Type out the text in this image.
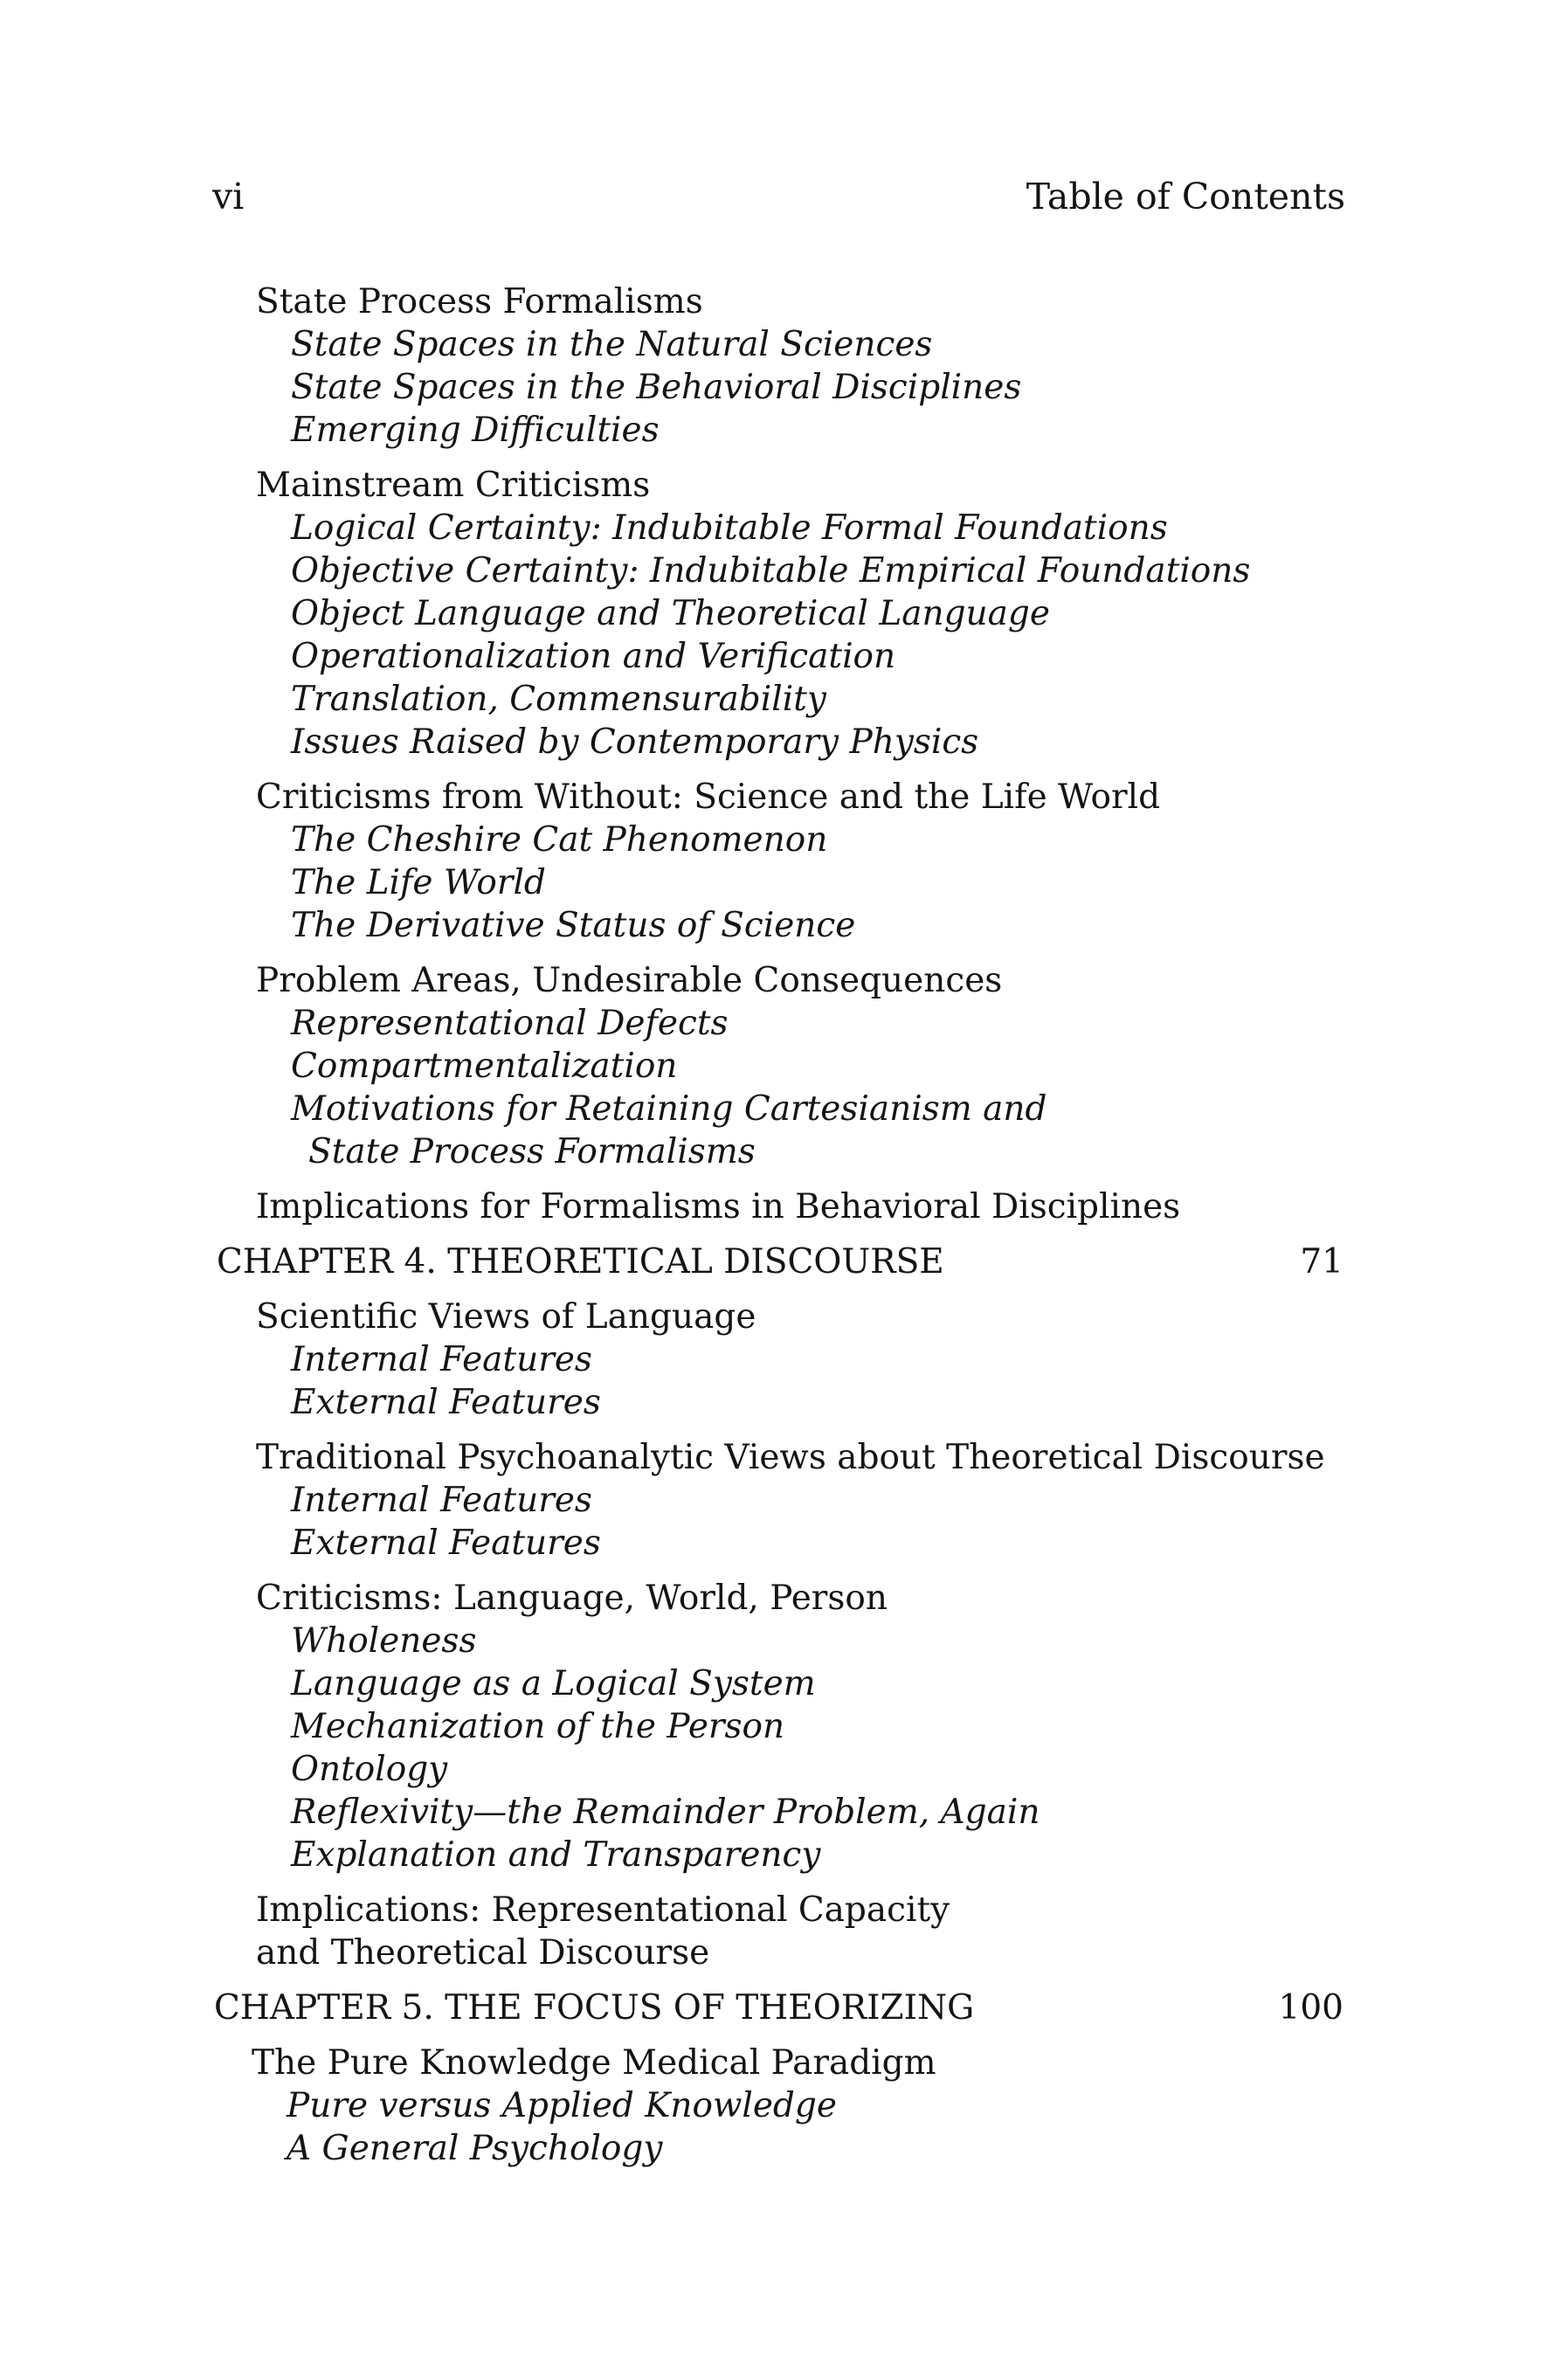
vi	Table of Contents
State Process Formalisms
State Spaces in the Natural Sciences
State Spaces in the Behavioral Disciplines
Emerging Difficulties
Mainstream Criticisms
Logical Certainty: Indubitable Formal Foundations
Objective Certainty: Indubitable Empirical Foundations
Object Language and Theoretical Language
Operationalization and Verification
Translation, Commensurability
Issues Raised by Contemporary Physics
Criticisms from Without: Science and the Life World
The Cheshire Cat Phenomenon
The Life World
The Derivative Status of Science
Problem Areas, Undesirable Consequences
Representational Defects
Compartmentalization
Motivations for Retaining Cartesianism and
State Process Formalisms
Implications for Formalisms in Behavioral Disciplines
CHAPTER 4. THEORETICAL DISCOURSE	71
Scientific Views of Language
Internal Features
External Features
Traditional Psychoanalytic Views about Theoretical Discourse
Internal Features
External Features
Criticisms: Language, World, Person
Wholeness
Language as a Logical System
Mechanization of the Person
Ontology
Reflexivity—the Remainder Problem, Again
Explanation and Transparency
Implications: Representational Capacity
and Theoretical Discourse
CHAPTER 5. THE FOCUS OF THEORIZING	100
The Pure Knowledge Medical Paradigm
Pure versus Applied Knowledge
A General Psychology
